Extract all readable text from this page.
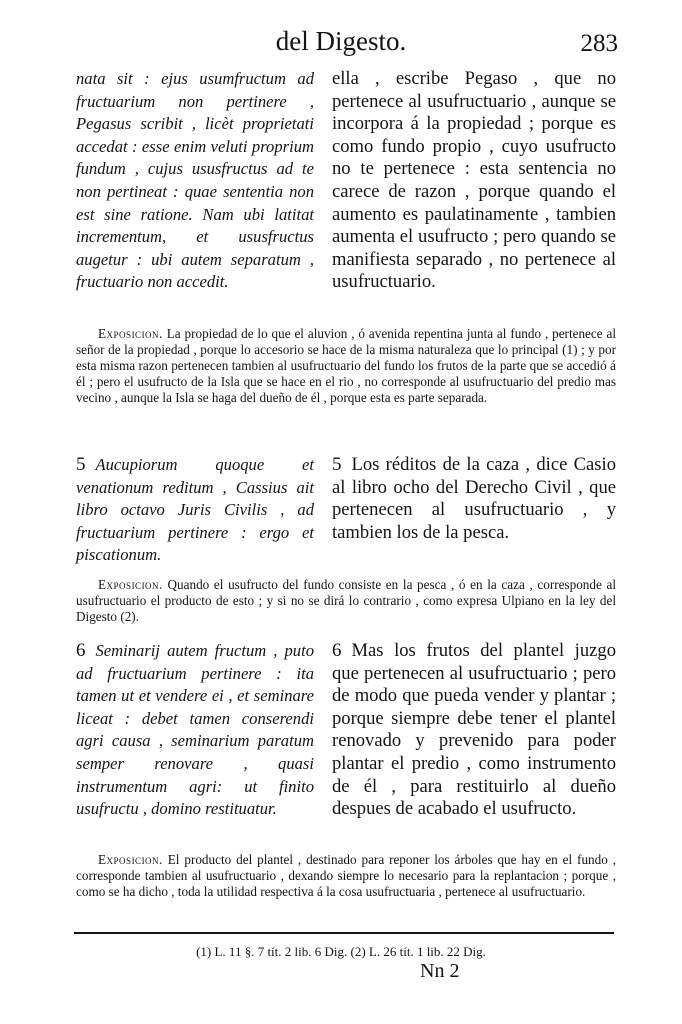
del Digesto.	283

nata sit : ejus usumfructum ad fructuarium non pertinere , Pegasus scribit , licèt proprietati accedat : esse enim veluti proprium fundum , cujus ususfructus ad te non pertineat : quae sententia non est sine ratione. Nam ubi latitat incrementum, et ususfructus augetur : ubi autem separatum , fructuario non accedit.

ella , escribe Pegaso , que no pertenece al usufructuario , aunque se incorpora á la propiedad ; porque es como fundo propio , cuyo usufructo no te pertenece : esta sentencia no carece de razon , porque quando el aumento es paulatinamente , tambien aumenta el usufructo ; pero quando se manifiesta separado , no pertenece al usufructuario.

Exposicion. La propiedad de lo que el aluvion , ó avenida repentina junta al fundo , pertenece al señor de la propiedad , porque lo accesorio se hace de la misma naturaleza que lo principal (1) ; y por esta misma razon pertenecen tambien al usufructuario del fundo los frutos de la parte que se accedió á él ; pero el usufructo de la Isla que se hace en el rio , no corresponde al usufructuario del predio mas vecino , aunque la Isla se haga del dueño de él , porque esta es parte separada.

5 Aucupiorum quoque et venationum reditum , Cassius ait libro octavo Juris Civilis , ad fructuarium pertinere : ergo et piscationum.

5 Los réditos de la caza , dice Casio al libro ocho del Derecho Civil , que pertenecen al usufructuario , y tambien los de la pesca.

Exposicion. Quando el usufructo del fundo consiste en la pesca , ó en la caza , corresponde al usufructuario el producto de esto ; y si no se dirá lo contrario , como expresa Ulpiano en la ley del Digesto (2).

6 Seminarij autem fructum , puto ad fructuarium pertinere : ita tamen ut et vendere ei , et seminare liceat : debet tamen conserendi agri causa , seminarium paratum semper renovare , quasi instrumentum agri: ut finito usufructu , domino restituatur.

6 Mas los frutos del plantel juzgo que pertenecen al usufructuario ; pero de modo que pueda vender y plantar ; porque siempre debe tener el plantel renovado y prevenido para poder plantar el predio , como instrumento de él , para restituirlo al dueño despues de acabado el usufructo.

Exposicion. El producto del plantel , destinado para reponer los árboles que hay en el fundo , corresponde tambien al usufructuario , dexando siempre lo necesario para la replantacion ; porque , como se ha dicho , toda la utilidad respectiva á la cosa usufructuaria , pertenece al usufructuario.

(1) L. 11 §. 7 tít. 2 lib. 6 Dig. (2) L. 26 tít. 1 lib. 22 Dig.
Nn 2
